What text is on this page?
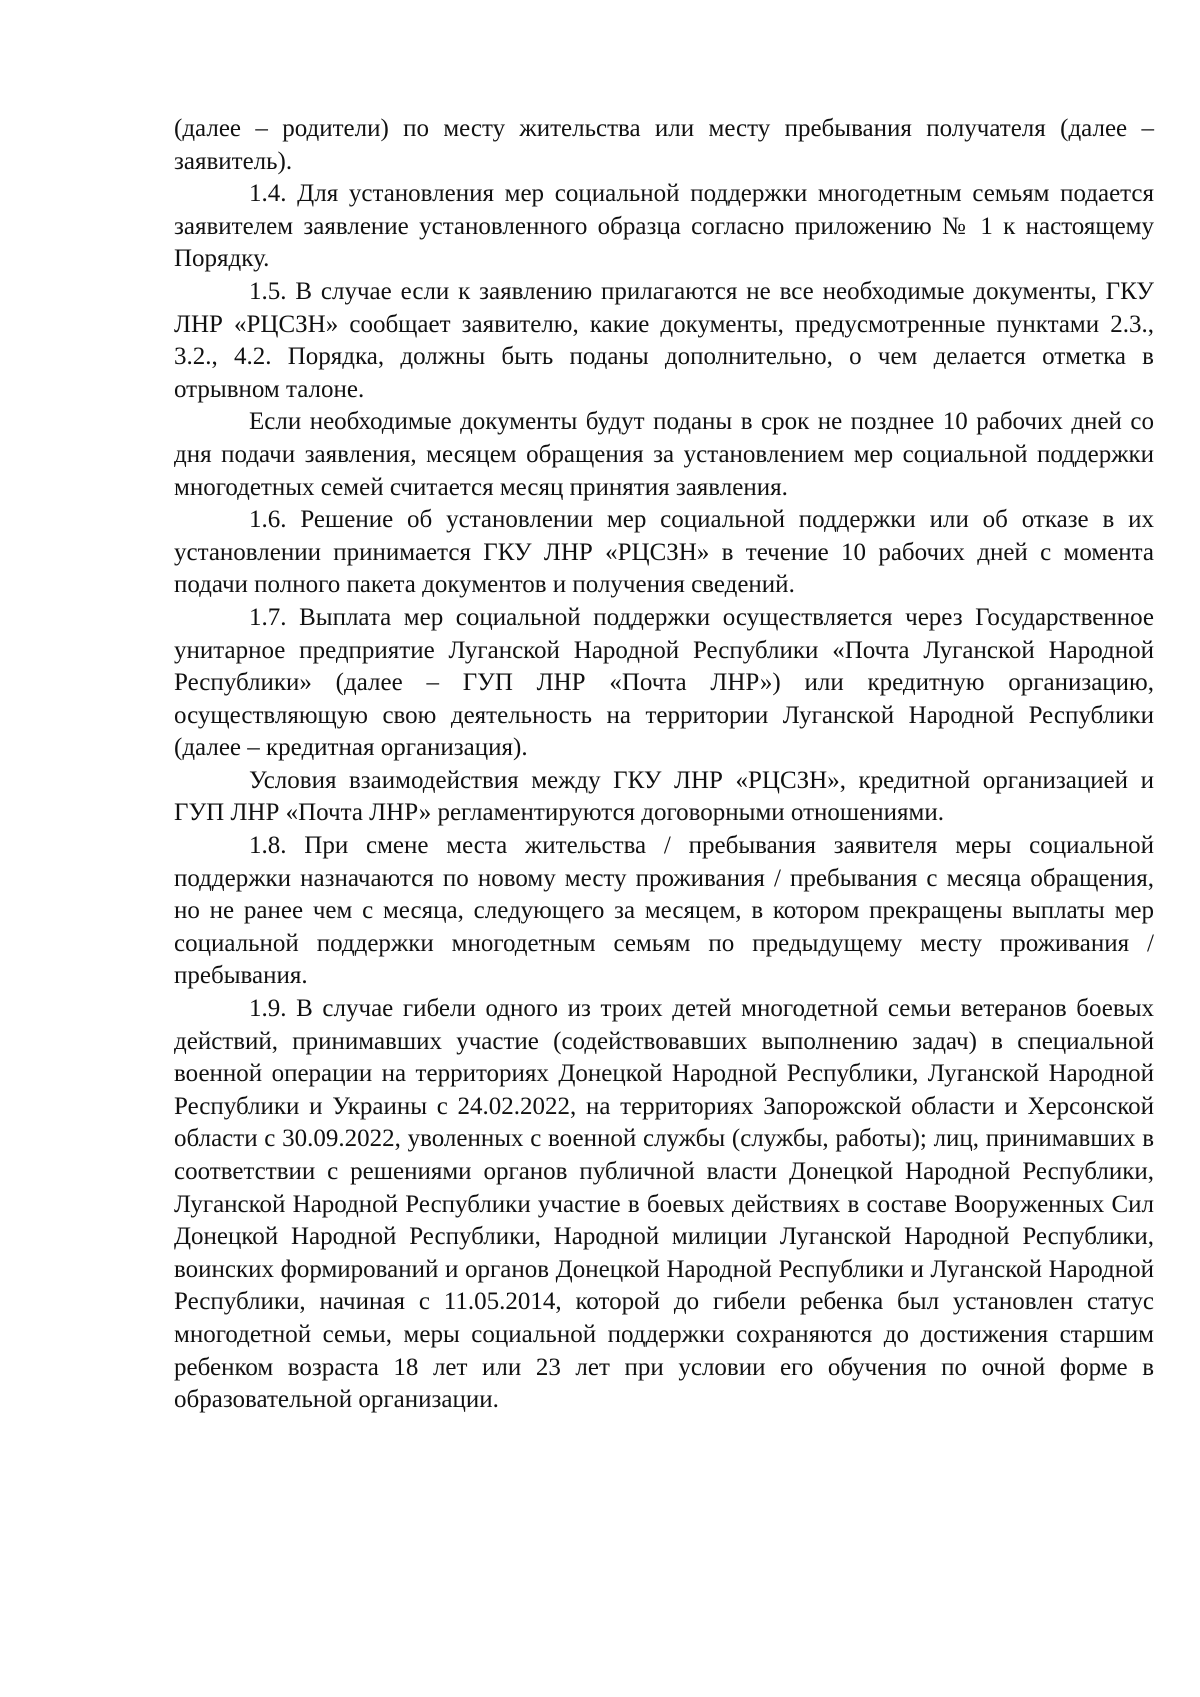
(далее – родители) по месту жительства или месту пребывания получателя (далее – заявитель).

1.4. Для установления мер социальной поддержки многодетным семьям подается заявителем заявление установленного образца согласно приложению № 1 к настоящему Порядку.

1.5. В случае если к заявлению прилагаются не все необходимые документы, ГКУ ЛНР «РЦСЗН» сообщает заявителю, какие документы, предусмотренные пунктами 2.3., 3.2., 4.2. Порядка, должны быть поданы дополнительно, о чем делается отметка в отрывном талоне.

Если необходимые документы будут поданы в срок не позднее 10 рабочих дней со дня подачи заявления, месяцем обращения за установлением мер социальной поддержки многодетных семей считается месяц принятия заявления.

1.6. Решение об установлении мер социальной поддержки или об отказе в их установлении принимается ГКУ ЛНР «РЦСЗН» в течение 10 рабочих дней с момента подачи полного пакета документов и получения сведений.

1.7. Выплата мер социальной поддержки осуществляется через Государственное унитарное предприятие Луганской Народной Республики «Почта Луганской Народной Республики» (далее – ГУП ЛНР «Почта ЛНР») или кредитную организацию, осуществляющую свою деятельность на территории Луганской Народной Республики (далее – кредитная организация).

Условия взаимодействия между ГКУ ЛНР «РЦСЗН», кредитной организацией и ГУП ЛНР «Почта ЛНР» регламентируются договорными отношениями.

1.8. При смене места жительства / пребывания заявителя меры социальной поддержки назначаются по новому месту проживания / пребывания с месяца обращения, но не ранее чем с месяца, следующего за месяцем, в котором прекращены выплаты мер социальной поддержки многодетным семьям по предыдущему месту проживания / пребывания.

1.9. В случае гибели одного из троих детей многодетной семьи ветеранов боевых действий, принимавших участие (содействовавших выполнению задач) в специальной военной операции на территориях Донецкой Народной Республики, Луганской Народной Республики и Украины с 24.02.2022, на территориях Запорожской области и Херсонской области с 30.09.2022, уволенных с военной службы (службы, работы); лиц, принимавших в соответствии с решениями органов публичной власти Донецкой Народной Республики, Луганской Народной Республики участие в боевых действиях в составе Вооруженных Сил Донецкой Народной Республики, Народной милиции Луганской Народной Республики, воинских формирований и органов Донецкой Народной Республики и Луганской Народной Республики, начиная с 11.05.2014, которой до гибели ребенка был установлен статус многодетной семьи, меры социальной поддержки сохраняются до достижения старшим ребенком возраста 18 лет или 23 лет при условии его обучения по очной форме в образовательной организации.
